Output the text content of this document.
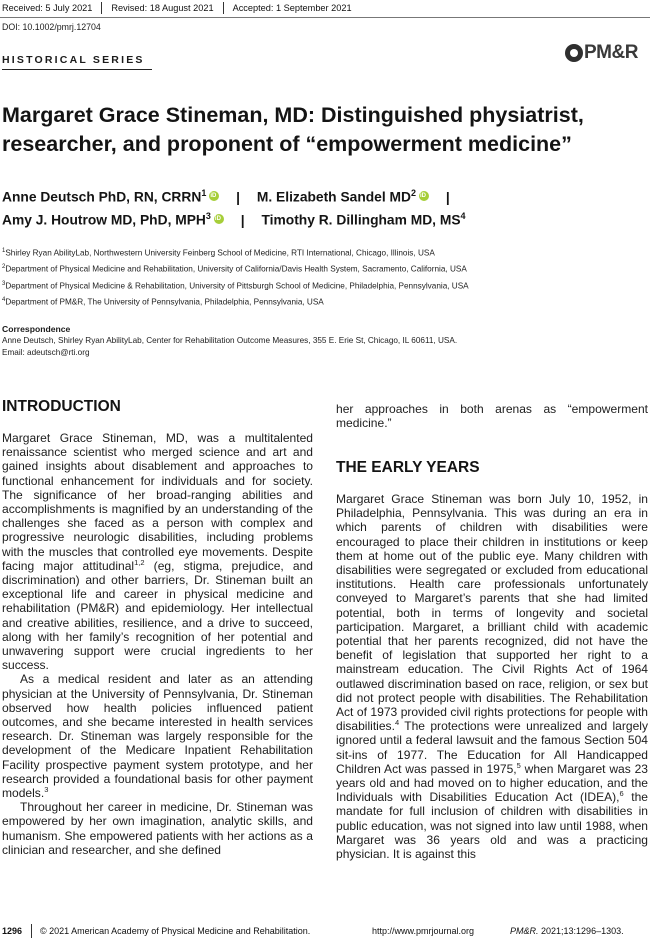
Received: 5 July 2021	Revised: 18 August 2021	Accepted: 1 September 2021
DOI: 10.1002/pmrj.12704
HISTORICAL SERIES	PM&R
Margaret Grace Stineman, MD: Distinguished physiatrist,
researcher, and proponent of “empowerment medicine”
Anne Deutsch PhD, RN, CRRN$^1$iD | M. Elizabeth Sandel $MD^2iD$ |
Amy J. Houtrow MD, PhD, MPH$^3$iD | Timothy R. Dillingham MD, $MS^4$
$^1$Shirley Ryan AbilityLab, Northwestern University Feinberg School of Medicine, RTI International, Chicago, Illinois, USA
$^2$Department of Physical Medicine and Rehabilitation, University of California/Davis Health System, Sacramento, California, USA
$^3$Department of Physical Medicine & Rehabilitation, University of Pittsburgh School of Medicine, Philadelphia, Pennsylvania, USA
$^4$Department of PM&R, The University of Pennsylvania, Philadelphia, Pennsylvania, USA
Correspondence
Anne Deutsch, Shirley Ryan AbilityLab, Center for Rehabilitation Outcome Measures, 355 E. Erie St, Chicago, IL 60611, USA.
Email: adeutsch@rti.org
INTRODUCTION

Margaret Grace Stineman, MD, was a multitalented renaissance scientist who merged science and art and gained insights about disablement and approaches to functional enhancement for individuals and for society. The significance of her broad-ranging abilities and accomplishments is magnified by an understanding of the challenges she faced as a person with complex and progressive neurologic disabilities, including problems with the muscles that controlled eye movements. Despite facing major attitudinal$^{1,2}$ (eg, stigma, prejudice, and discrimination) and other barriers, Dr. Stineman built an exceptional life and career in physical medicine and rehabilitation (PM&R) and epidemiology. Her intellectual and creative abilities, resilience, and a drive to succeed, along with her family’s recognition of her potential and unwavering support were crucial ingredients to her success.

As a medical resident and later as an attending physician at the University of Pennsylvania, Dr. Stineman observed how health policies influenced patient outcomes, and she became interested in health services research. Dr. Stineman was largely responsible for the development of the Medicare Inpatient Rehabilitation Facility prospective payment system prototype, and her research provided a foundational basis for other payment models.$^3$

Throughout her career in medicine, Dr. Stineman was empowered by her own imagination, analytic skills, and humanism. She empowered patients with her actions as a clinician and researcher, and she defined

her approaches in both arenas as “empowerment medicine.”
THE EARLY YEARS

Margaret Grace Stineman was born July 10, 1952, in Philadelphia, Pennsylvania. This was during an era in which parents of children with disabilities were encouraged to place their children in institutions or keep them at home out of the public eye. Many children with disabilities were segregated or excluded from educational institutions. Health care professionals unfortunately conveyed to Margaret’s parents that she had limited potential, both in terms of longevity and societal participation. Margaret, a brilliant child with academic potential that her parents recognized, did not have the benefit of legislation that supported her right to a mainstream education. The Civil Rights Act of 1964 outlawed discrimination based on race, religion, or sex but did not protect people with disabilities. The Rehabilitation Act of 1973 provided civil rights protections for people with disabilities.$^4$ The protections were unrealized and largely ignored until a federal lawsuit and the famous Section 504 sit-ins of 1977. The Education for All Handicapped Children Act was passed in 1975,$^5$ when Margaret was 23 years old and had moved on to higher education, and the Individuals with Disabilities Education Act (IDEA),$^6$ the mandate for full inclusion of children with disabilities in public education, was not signed into law until 1988, when Margaret was 36 years old and was a practicing physician. It is against this

1296 © 2021 American Academy of Physical Medicine and Rehabilitation.	http://www.pmrjournal.org	PM&R. 2021;13:1296–1303.
